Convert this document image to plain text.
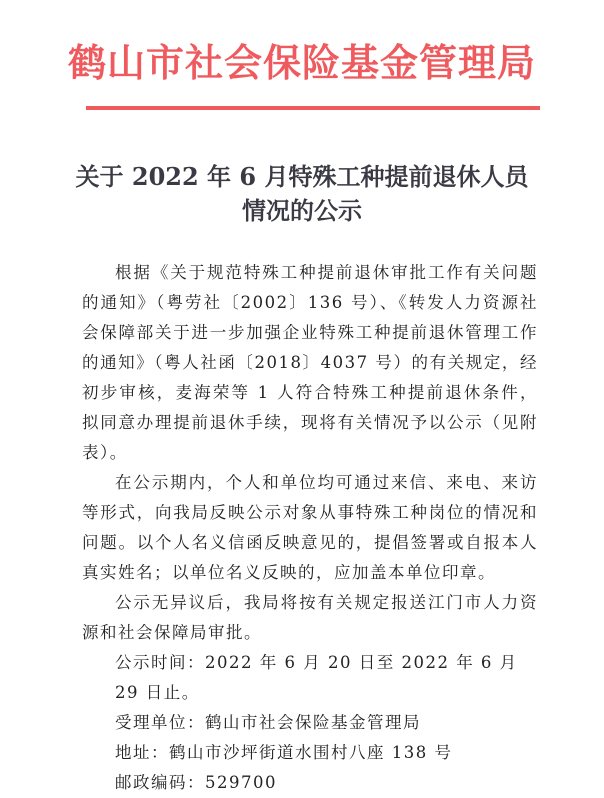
鹤山市社会保险基金管理局
关于 2022 年 6 月特殊工种提前退休人员
情况的公示

根据《关于规范特殊工种提前退休审批工作有关问题的通知》（粤劳社〔2002〕136 号）、《转发人力资源社会保障部关于进一步加强企业特殊工种提前退休管理工作的通知》（粤人社函〔2018〕4037 号）的有关规定，经初步审核，麦海荣等 1 人符合特殊工种提前退休条件，拟同意办理提前退休手续，现将有关情况予以公示（见附表）。

在公示期内，个人和单位均可通过来信、来电、来访等形式，向我局反映公示对象从事特殊工种岗位的情况和问题。以个人名义信函反映意见的，提倡签署或自报本人真实姓名；以单位名义反映的，应加盖本单位印章。

公示无异议后，我局将按有关规定报送江门市人力资源和社会保障局审批。

公示时间：2022 年 6 月 20 日至 2022 年 6 月 29 日止。

受理单位：鹤山市社会保险基金管理局

地址：鹤山市沙坪街道水围村八座 138 号

邮政编码：529700
